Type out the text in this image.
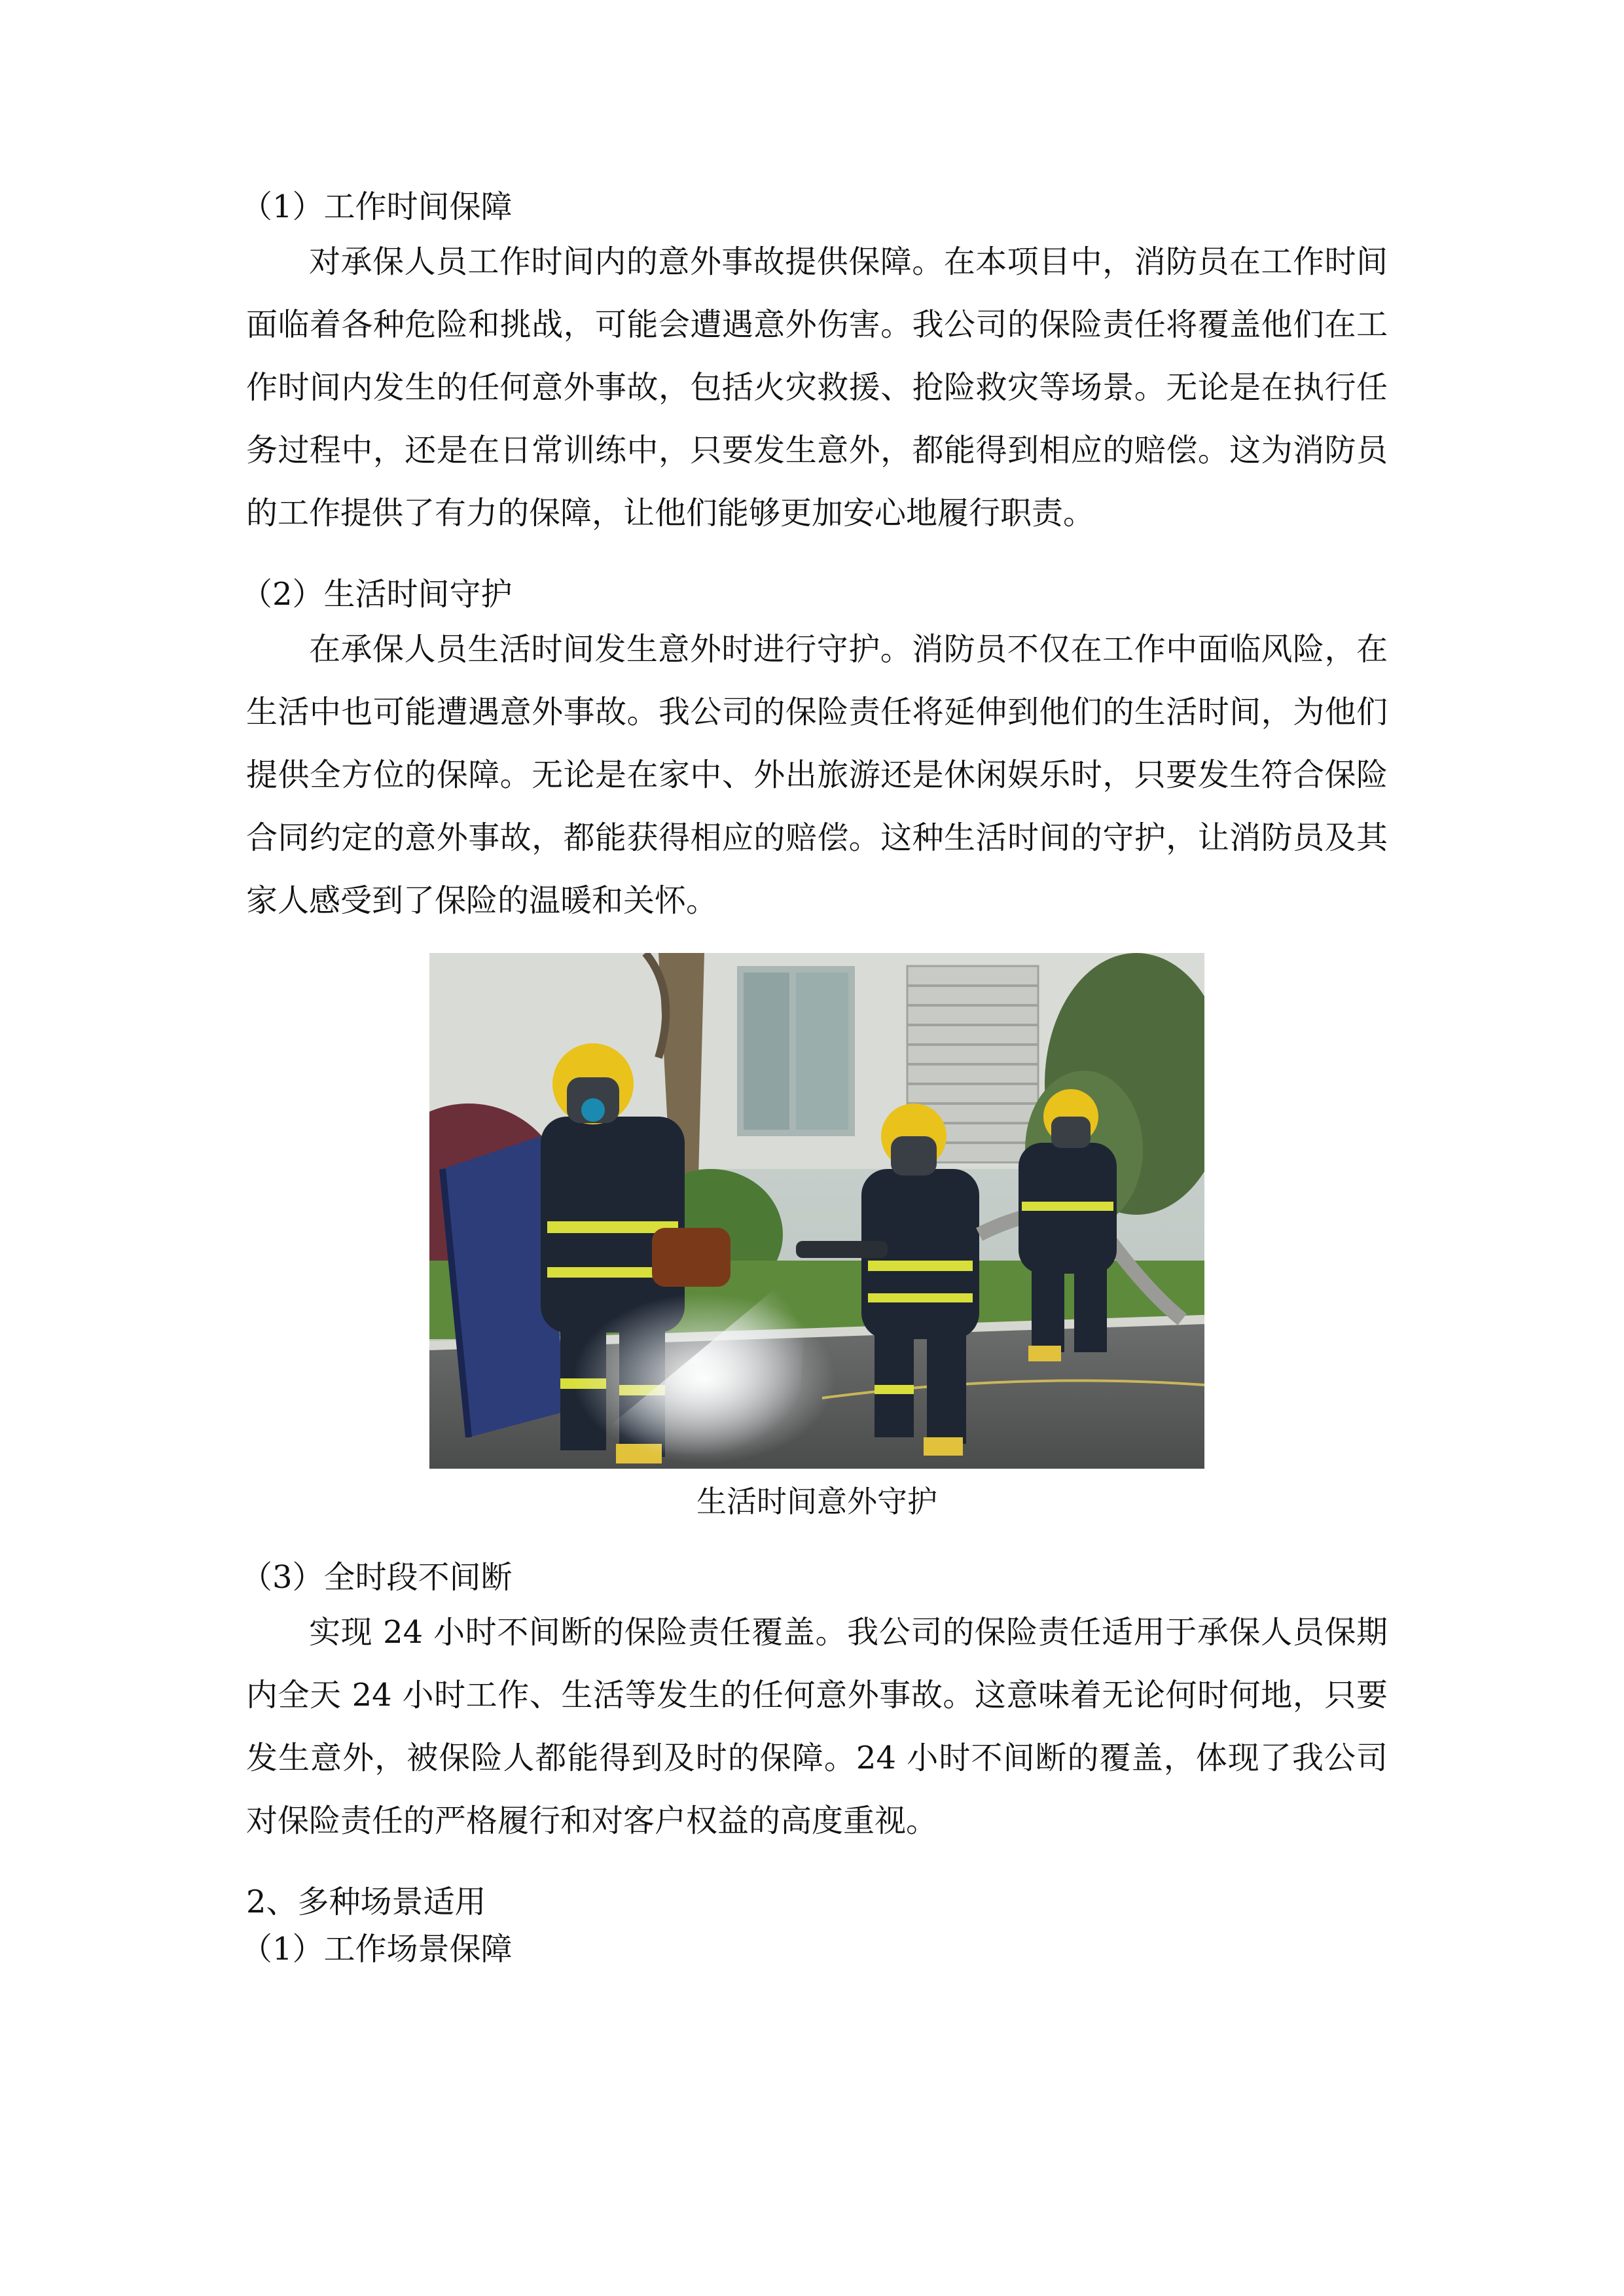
（1）工作时间保障

对承保人员工作时间内的意外事故提供保障。在本项目中，消防员在工作时间面临着各种危险和挑战，可能会遭遇意外伤害。我公司的保险责任将覆盖他们在工作时间内发生的任何意外事故，包括火灾救援、抢险救灾等场景。无论是在执行任务过程中，还是在日常训练中，只要发生意外，都能得到相应的赔偿。这为消防员的工作提供了有力的保障，让他们能够更加安心地履行职责。

（2）生活时间守护

在承保人员生活时间发生意外时进行守护。消防员不仅在工作中面临风险，在生活中也可能遭遇意外事故。我公司的保险责任将延伸到他们的生活时间，为他们提供全方位的保障。无论是在家中、外出旅游还是休闲娱乐时，只要发生符合保险合同约定的意外事故，都能获得相应的赔偿。这种生活时间的守护，让消防员及其家人感受到了保险的温暖和关怀。

生活时间意外守护

（3）全时段不间断

实现 24 小时不间断的保险责任覆盖。我公司的保险责任适用于承保人员保期内全天 24 小时工作、生活等发生的任何意外事故。这意味着无论何时何地，只要发生意外，被保险人都能得到及时的保障。24 小时不间断的覆盖，体现了我公司对保险责任的严格履行和对客户权益的高度重视。

2、多种场景适用

（1）工作场景保障
